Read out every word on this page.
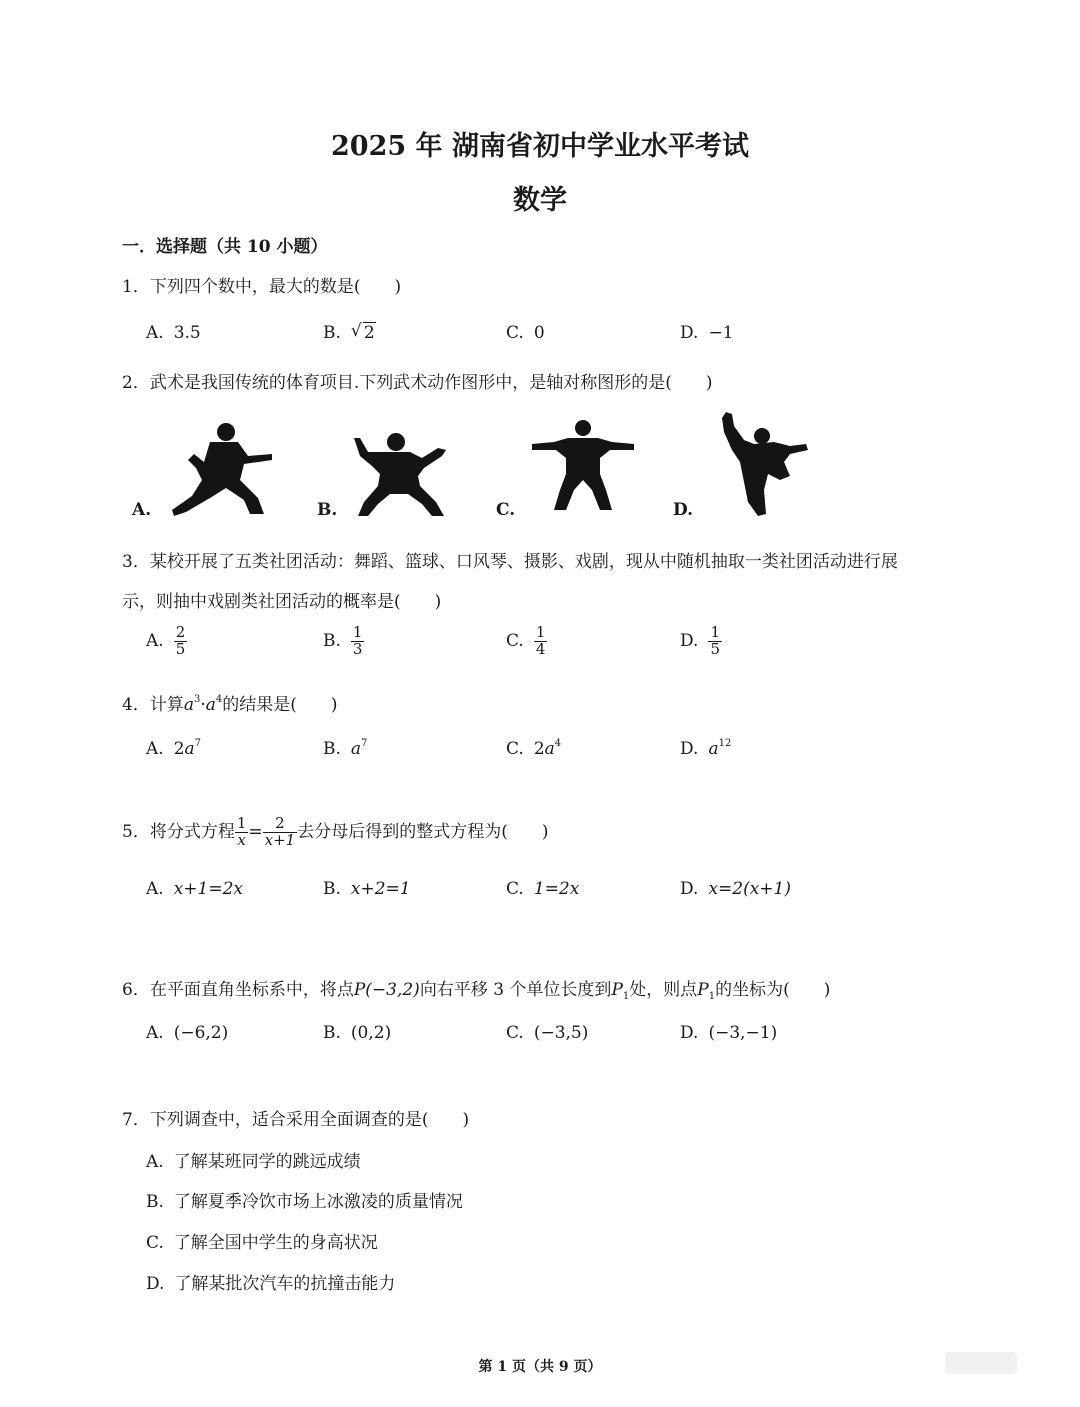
2025 年 湖南省初中学业水平考试
数学
一．选择题（共 10 小题）
1．下列四个数中，最大的数是(　　)
A. 3.5	B. √ 2	C. 0	D. −1
2．武术是我国传统的体育项目.下列武术动作图形中，是轴对称图形的是(　　)
A.	B.	C.	D.
3．某校开展了五类社团活动：舞蹈、篮球、口风琴、摄影、戏剧，现从中随机抽取一类社团活动进行展
示，则抽中戏剧类社团活动的概率是(　　)
A. $\frac{2}{5}$	B. $\frac{1}{3}$	C. $\frac{1}{4}$	D. $\frac{1}{5}$
4．计算$a^3\cdot a^4$的结果是(　　)
A. $2a^7$	B. $a^7$	C. $2a^4$	D. $a^{12}$
5．将分式方程 $\frac{1}{x} = \frac{2}{x+1}$ 去分母后得到的整式方程为(　　)
A. x+1=2x	B. x+2=1	C. 1=2x	D. x=2(x+1)
6．在平面直角坐标系中，将点P(−3,2)向右平移 3 个单位长度到$P_1$处，则点$P_1$的坐标为(　　)
A. (−6,2)	B. (0,2)	C. (−3,5)	D. (−3,−1)
7．下列调查中，适合采用全面调查的是(　　)
A. 了解某班同学的跳远成绩
B. 了解夏季冷饮市场上冰激凌的质量情况
C. 了解全国中学生的身高状况
D. 了解某批次汽车的抗撞击能力
第 1 页（共 9 页）
